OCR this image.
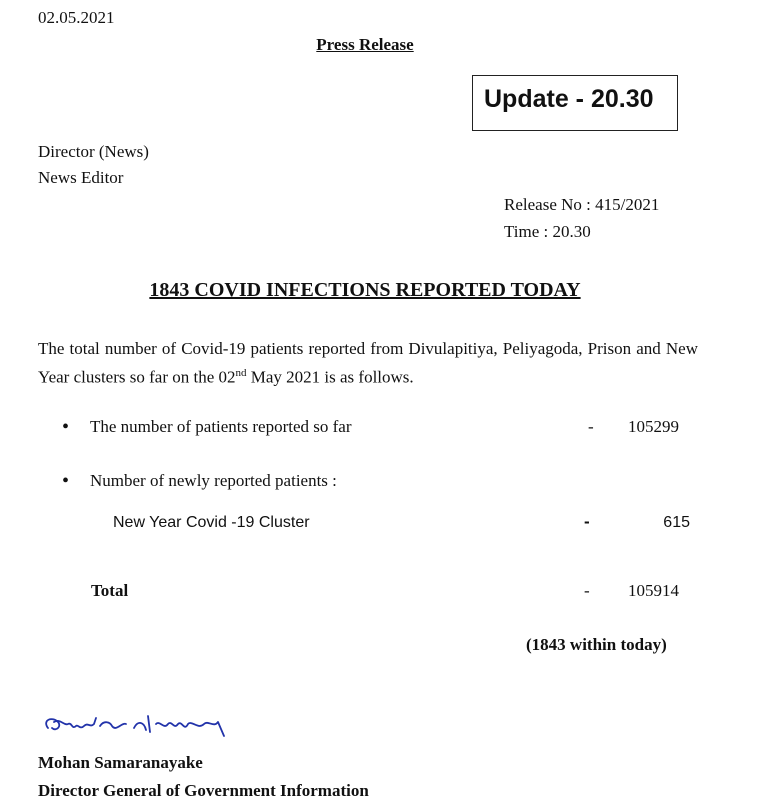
02.05.2021
Press Release
Update - 20.30
Director (News)
News Editor
Release No : 415/2021
Time : 20.30
1843 COVID INFECTIONS REPORTED TODAY
The total number of Covid-19 patients reported from Divulapitiya, Peliyagoda, Prison and New Year clusters so far on the 02nd May 2021 is as follows.
• The number of patients reported so far	- 105299
• Number of newly reported patients :
New Year Covid -19 Cluster	-	615
Total	- 105914
(1843 within today)
Mohan Samaranayake
Director General of Government Information
